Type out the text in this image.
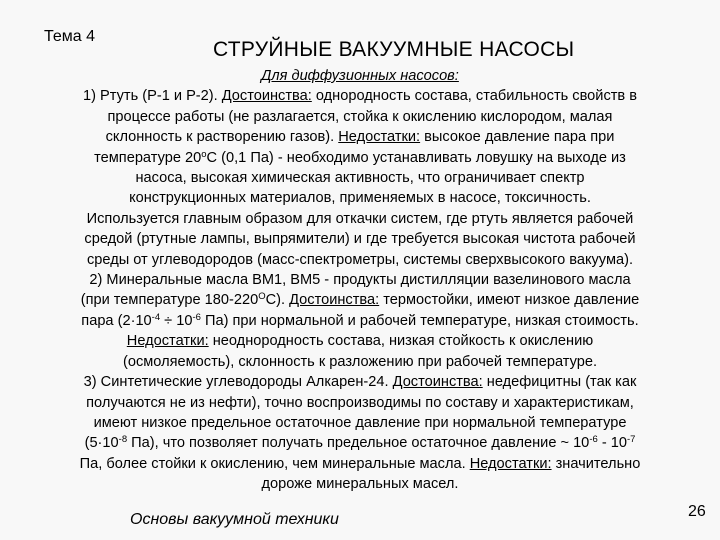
Тема 4
СТРУЙНЫЕ ВАКУУМНЫЕ НАСОСЫ
Для диффузионных насосов:
1) Ртуть (Р-1 и Р-2). Достоинства: однородность состава, стабильность свойств в
процессе работы (не разлагается, стойка к окислению кислородом, малая
склонность к растворению газов). Недостатки: высокое давление пара при
температуре $20^оС$ (0,1 Па) - необходимо устанавливать ловушку на выходе из
насоса, высокая химическая активность, что ограничивает спектр
конструкционных материалов, применяемых в насосе, токсичность.
Используется главным образом для откачки систем, где ртуть является рабочей
средой (ртутные лампы, выпрямители) и где требуется высокая чистота рабочей
среды от углеводородов (масс-спектрометры, системы сверхвысокого вакуума).
2) Минеральные масла ВМ1, ВМ5 - продукты дистилляции вазелинового масла
(при температуре $180-220^ОС$). Достоинства: термостойки, имеют низкое давление
пара ($2\cdot 10^{-4} \div 10^{-6}$ Па) при нормальной и рабочей температуре, низкая стоимость.
Недостатки: неоднородность состава, низкая стойкость к окислению
(осмоляемость), склонность к разложению при рабочей температуре.
3) Синтетические углеводороды Алкарен-24. Достоинства: недефицитны (так как
получаются не из нефти), точно воспроизводимы по составу и характеристикам,
имеют низкое предельное остаточное давление при нормальной температуре
($5\cdot 10^{-8}$ Па), что позволяет получать предельное остаточное давление ~ $10^{-6} - 10^{-7}$
Па, более стойки к окислению, чем минеральные масла. Недостатки: значительно
дороже минеральных масел.
Основы вакуумной техники	26
